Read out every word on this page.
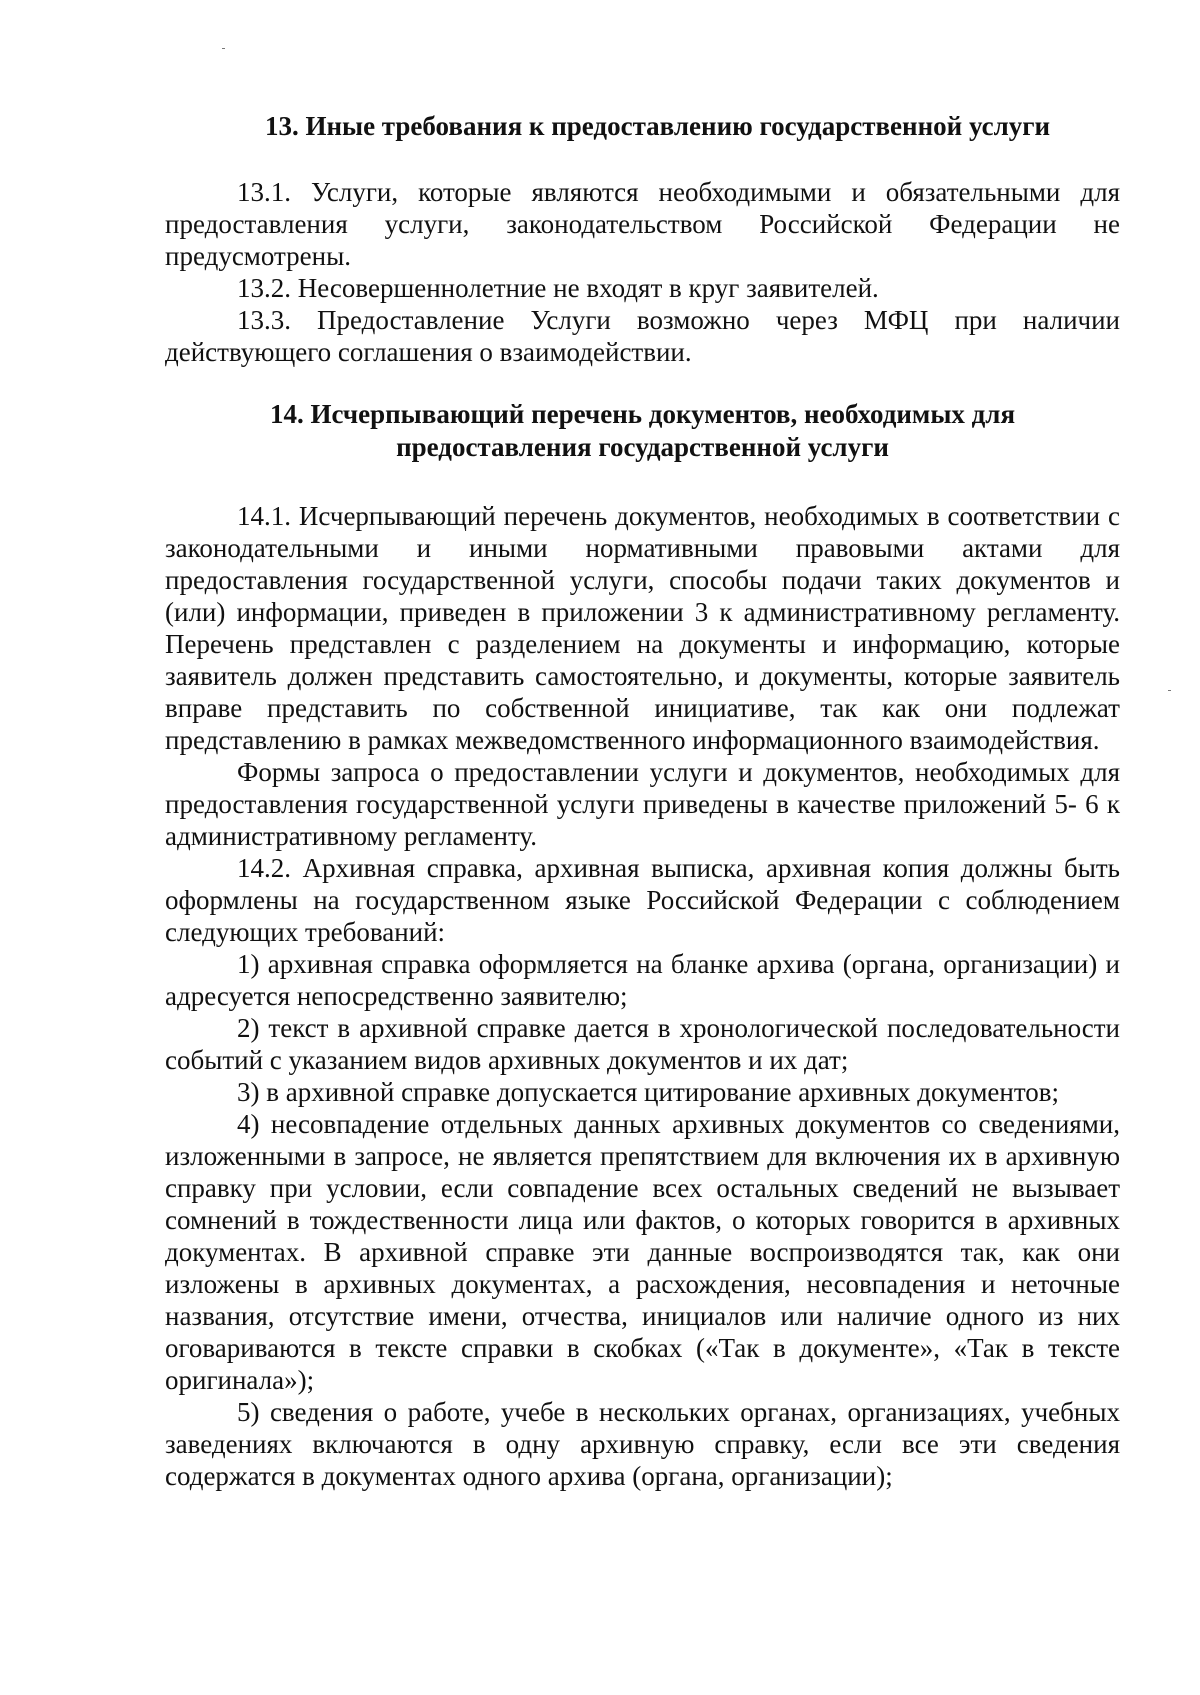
13. Иные требования к предоставлению государственной услуги

13.1. Услуги, которые являются необходимыми и обязательными для предоставления услуги, законодательством Российской Федерации не предусмотрены.

13.2. Несовершеннолетние не входят в круг заявителей.

13.3. Предоставление Услуги возможно через МФЦ при наличии действующего соглашения о взаимодействии.

14. Исчерпывающий перечень документов, необходимых для
предоставления государственной услуги

14.1. Исчерпывающий перечень документов, необходимых в соответствии с законодательными и иными нормативными правовыми актами для предоставления государственной услуги, способы подачи таких документов и (или) информации, приведен в приложении 3 к административному регламенту. Перечень представлен с разделением на документы и информацию, которые заявитель должен представить самостоятельно, и документы, которые заявитель вправе представить по собственной инициативе, так как они подлежат представлению в рамках межведомственного информационного взаимодействия.

Формы запроса о предоставлении услуги и документов, необходимых для предоставления государственной услуги приведены в качестве приложений 5- 6 к административному регламенту.

14.2. Архивная справка, архивная выписка, архивная копия должны быть оформлены на государственном языке Российской Федерации с соблюдением следующих требований:

1) архивная справка оформляется на бланке архива (органа, организации) и адресуется непосредственно заявителю;

2) текст в архивной справке дается в хронологической последовательности событий с указанием видов архивных документов и их дат;

3) в архивной справке допускается цитирование архивных документов;

4) несовпадение отдельных данных архивных документов со сведениями, изложенными в запросе, не является препятствием для включения их в архивную справку при условии, если совпадение всех остальных сведений не вызывает сомнений в тождественности лица или фактов, о которых говорится в архивных документах. В архивной справке эти данные воспроизводятся так, как они изложены в архивных документах, а расхождения, несовпадения и неточные названия, отсутствие имени, отчества, инициалов или наличие одного из них оговариваются в тексте справки в скобках («Так в документе», «Так в тексте оригинала»);

5) сведения о работе, учебе в нескольких органах, организациях, учебных заведениях включаются в одну архивную справку, если все эти сведения содержатся в документах одного архива (органа, организации);
